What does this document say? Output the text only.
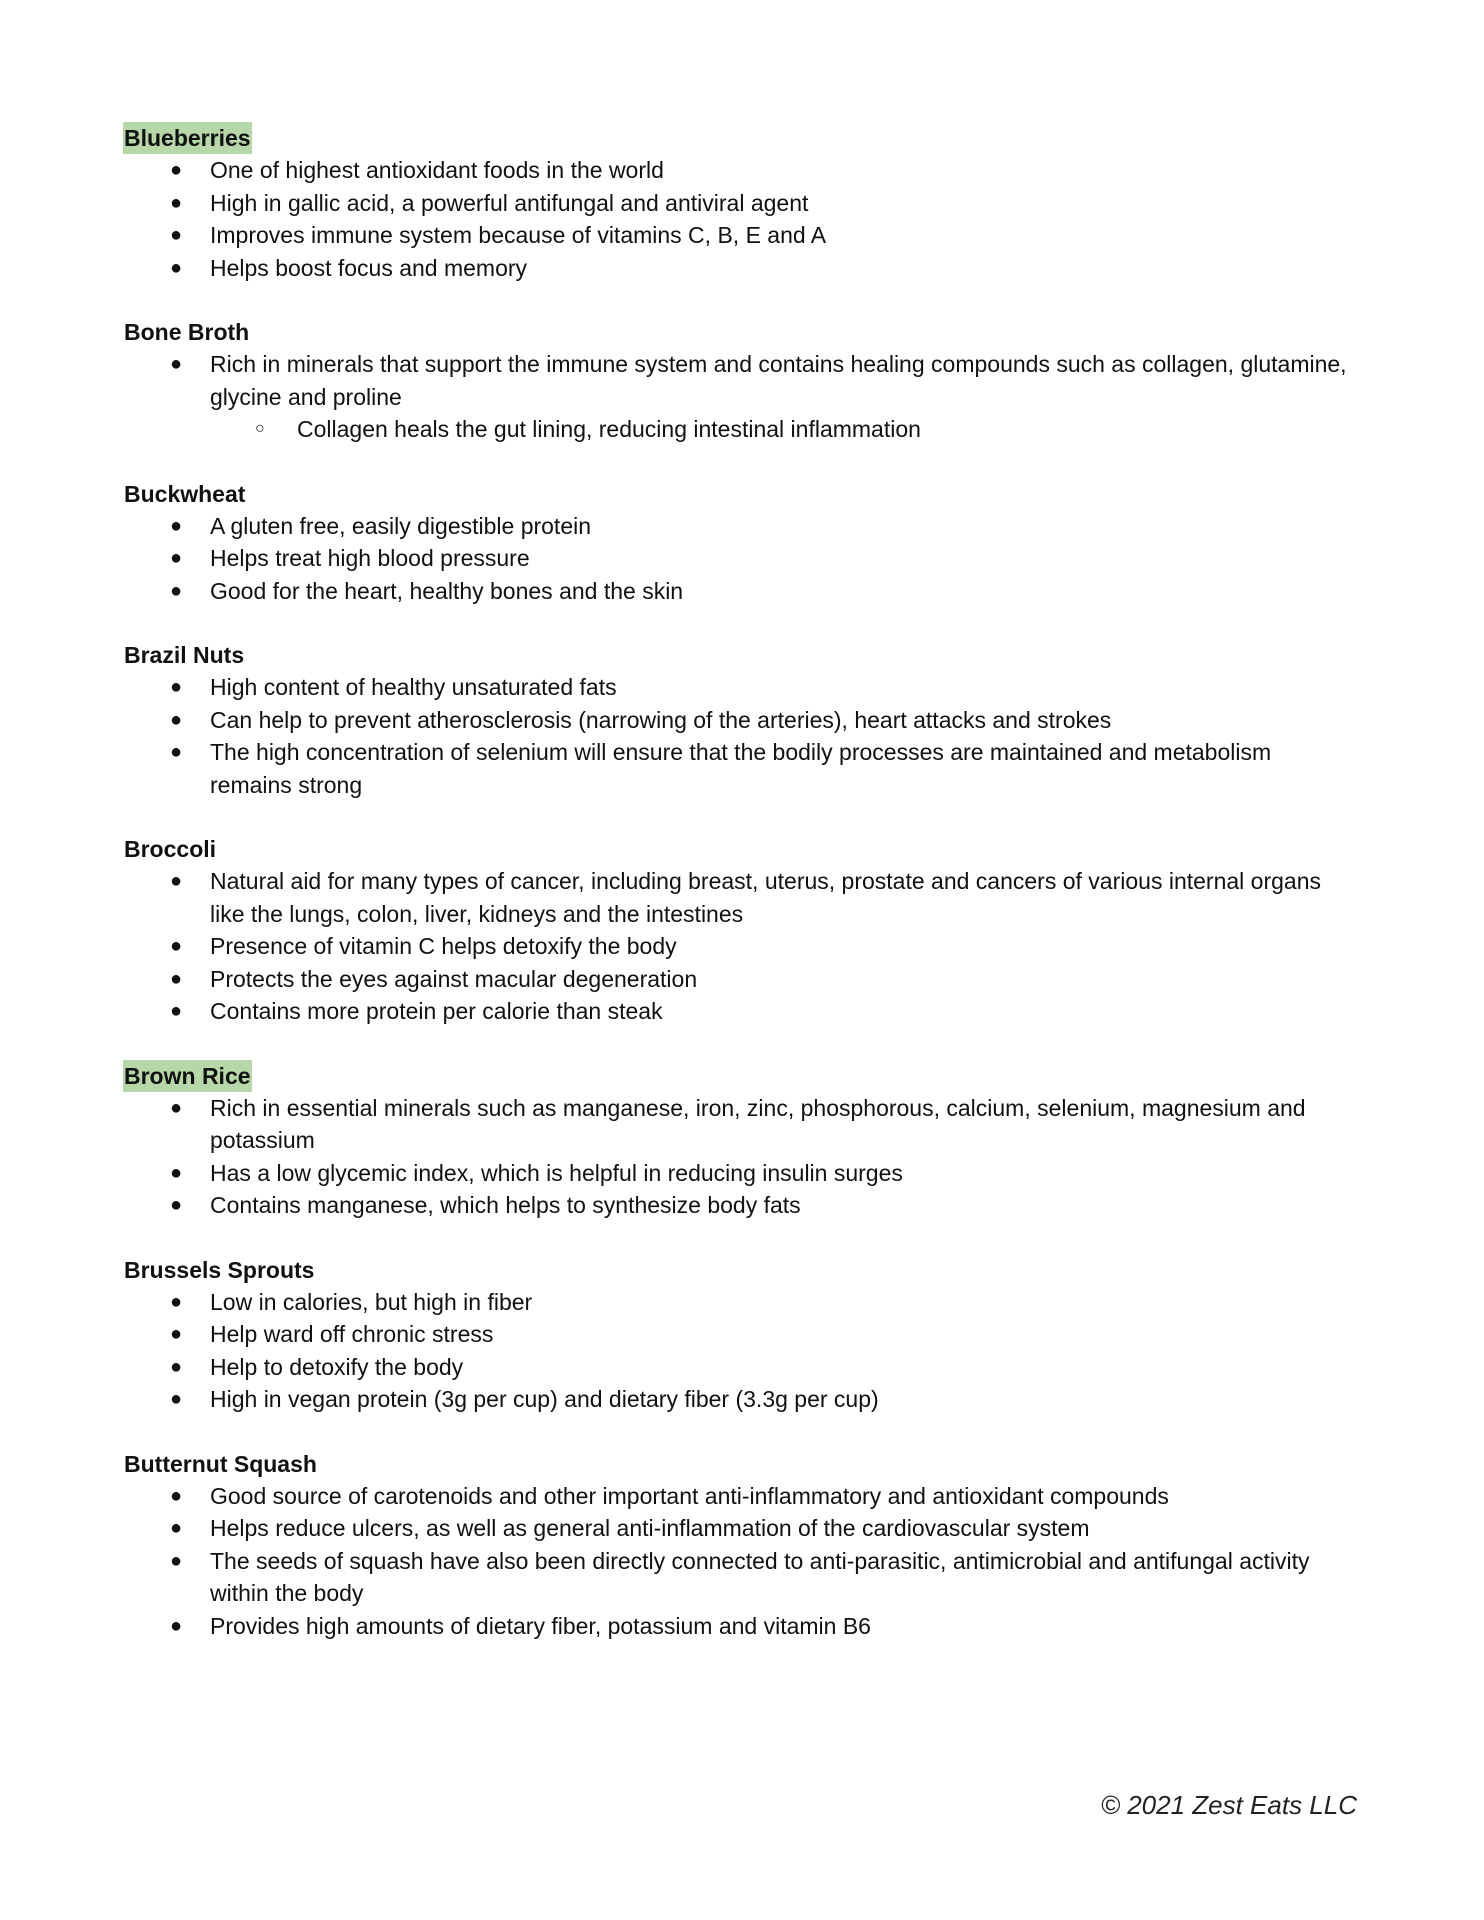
Blueberries
● One of highest antioxidant foods in the world
● High in gallic acid, a powerful antifungal and antiviral agent
● Improves immune system because of vitamins C, B, E and A
● Helps boost focus and memory
Bone Broth
● Rich in minerals that support the immune system and contains healing compounds such as collagen, glutamine, glycine and proline
○ Collagen heals the gut lining, reducing intestinal inflammation
Buckwheat
● A gluten free, easily digestible protein
● Helps treat high blood pressure
● Good for the heart, healthy bones and the skin
Brazil Nuts
● High content of healthy unsaturated fats
● Can help to prevent atherosclerosis (narrowing of the arteries), heart attacks and strokes
● The high concentration of selenium will ensure that the bodily processes are maintained and metabolism remains strong
Broccoli
● Natural aid for many types of cancer, including breast, uterus, prostate and cancers of various internal organs like the lungs, colon, liver, kidneys and the intestines
● Presence of vitamin C helps detoxify the body
● Protects the eyes against macular degeneration
● Contains more protein per calorie than steak
Brown Rice
● Rich in essential minerals such as manganese, iron, zinc, phosphorous, calcium, selenium, magnesium and potassium
● Has a low glycemic index, which is helpful in reducing insulin surges
● Contains manganese, which helps to synthesize body fats
Brussels Sprouts
● Low in calories, but high in fiber
● Help ward off chronic stress
● Help to detoxify the body
● High in vegan protein (3g per cup) and dietary fiber (3.3g per cup)
Butternut Squash
● Good source of carotenoids and other important anti-inflammatory and antioxidant compounds
● Helps reduce ulcers, as well as general anti-inflammation of the cardiovascular system
● The seeds of squash have also been directly connected to anti-parasitic, antimicrobial and antifungal activity within the body
● Provides high amounts of dietary fiber, potassium and vitamin B6
© 2021 Zest Eats LLC
